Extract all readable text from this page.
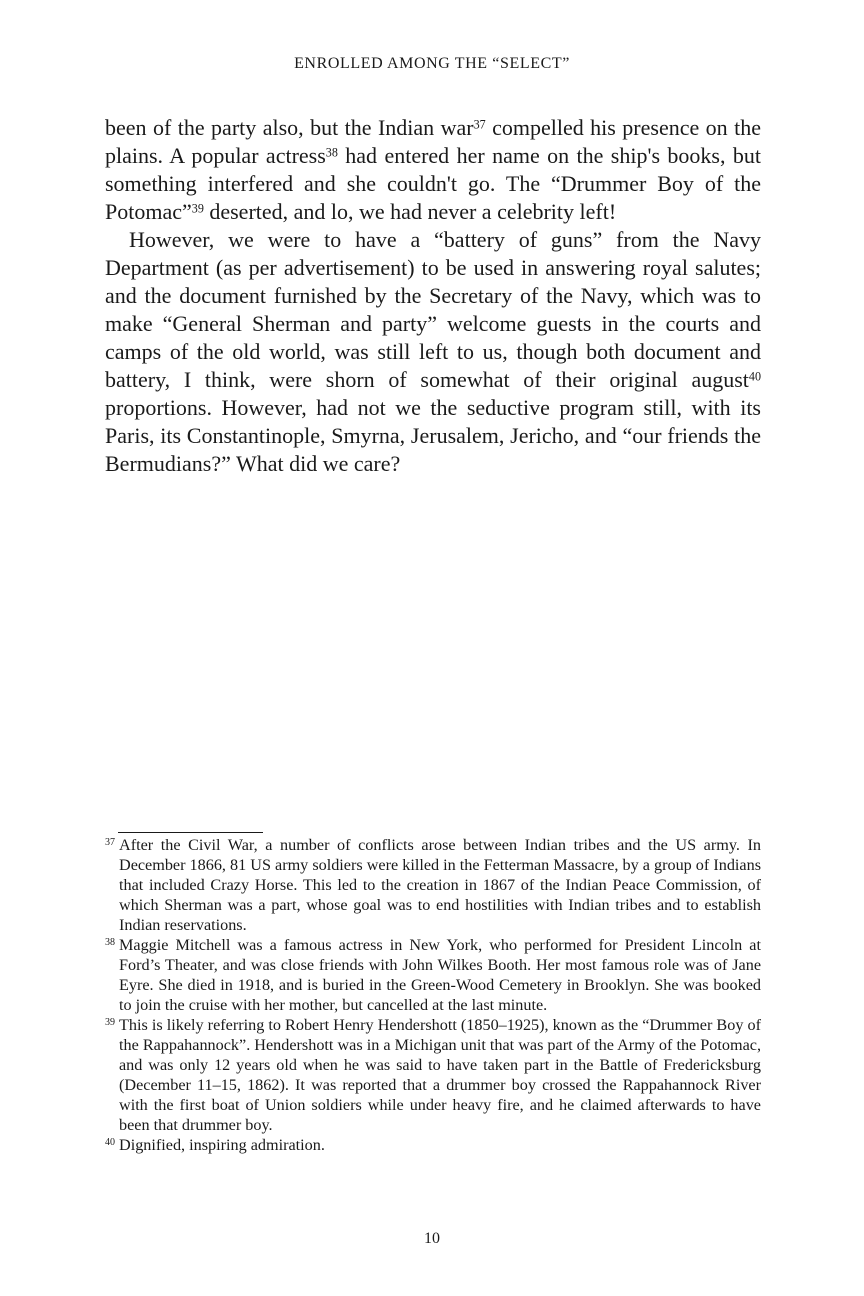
ENROLLED AMONG THE “SELECT”

been of the party also, but the Indian war$^{37}$ compelled his presence on the plains. A popular actress$^{38}$ had entered her name on the ship's books, but something interfered and she couldn't go. The “Drummer Boy of the Potomac”$^{39}$ deserted, and lo, we had never a celebrity left!

However, we were to have a “battery of guns” from the Navy Department (as per advertisement) to be used in answering royal salutes; and the document furnished by the Secretary of the Navy, which was to make “General Sherman and party” welcome guests in the courts and camps of the old world, was still left to us, though both document and battery, I think, were shorn of somewhat of their original august$^{40}$ proportions. However, had not we the seductive program still, with its Paris, its Constantinople, Smyrna, Jerusalem, Jericho, and “our friends the Bermudians?” What did we care?

37 After the Civil War, a number of conflicts arose between Indian tribes and the US army. In December 1866, 81 US army soldiers were killed in the Fetterman Massacre, by a group of Indians that included Crazy Horse. This led to the creation in 1867 of the Indian Peace Commission, of which Sherman was a part, whose goal was to end hostilities with Indian tribes and to establish Indian reservations.

38 Maggie Mitchell was a famous actress in New York, who performed for President Lincoln at Ford’s Theater, and was close friends with John Wilkes Booth. Her most famous role was of Jane Eyre. She died in 1918, and is buried in the Green-Wood Cemetery in Brooklyn. She was booked to join the cruise with her mother, but cancelled at the last minute.

39 This is likely referring to Robert Henry Hendershott (1850–1925), known as the “Drummer Boy of the Rappahannock”. Hendershott was in a Michigan unit that was part of the Army of the Potomac, and was only 12 years old when he was said to have taken part in the Battle of Fredericksburg (December 11–15, 1862). It was reported that a drummer boy crossed the Rappahannock River with the first boat of Union soldiers while under heavy fire, and he claimed afterwards to have been that drummer boy.

40 Dignified, inspiring admiration.

10
